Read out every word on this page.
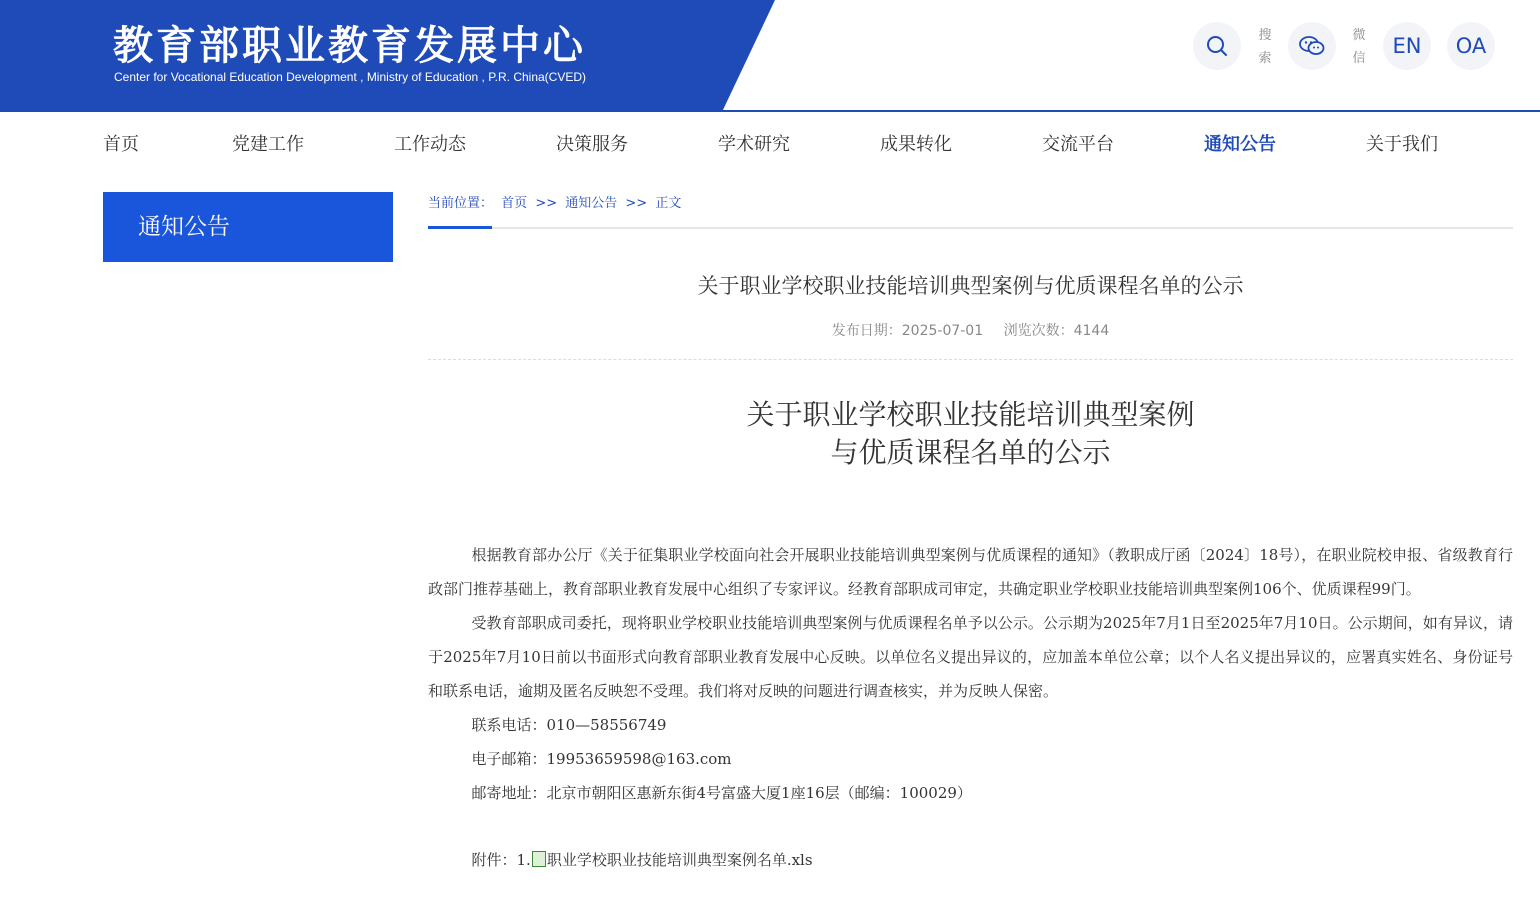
教育部职业教育发展中心
Center for Vocational Education Development , Ministry of Education , P.R. China(CVED)
搜索
微信
EN	OA
首页	党建工作	工作动态	决策服务	学术研究	成果转化	交流平台	通知公告	关于我们
通知公告
当前位置： 首页 >> 通知公告 >> 正文
关于职业学校职业技能培训典型案例与优质课程名单的公示
发布日期：2025-07-01 浏览次数：4144
关于职业学校职业技能培训典型案例
与优质课程名单的公示

根据教育部办公厅《关于征集职业学校面向社会开展职业技能培训典型案例与优质课程的通知》（教职成厅函〔2024〕18号），在职业院校申报、省级教育行政部门推荐基础上，教育部职业教育发展中心组织了专家评议。经教育部职成司审定，共确定职业学校职业技能培训典型案例106个、优质课程99门。

受教育部职成司委托，现将职业学校职业技能培训典型案例与优质课程名单予以公示。公示期为2025年7月1日至2025年7月10日。公示期间，如有异议，请于2025年7月10日前以书面形式向教育部职业教育发展中心反映。以单位名义提出异议的，应加盖本单位公章；以个人名义提出异议的，应署真实姓名、身份证号和联系电话，逾期及匿名反映恕不受理。我们将对反映的问题进行调查核实，并为反映人保密。

联系电话：010—58556749

电子邮箱：19953659598@163.com

邮寄地址：北京市朝阳区惠新东街4号富盛大厦1座16层（邮编：100029）

附件：1. 职业学校职业技能培训典型案例名单.xls
